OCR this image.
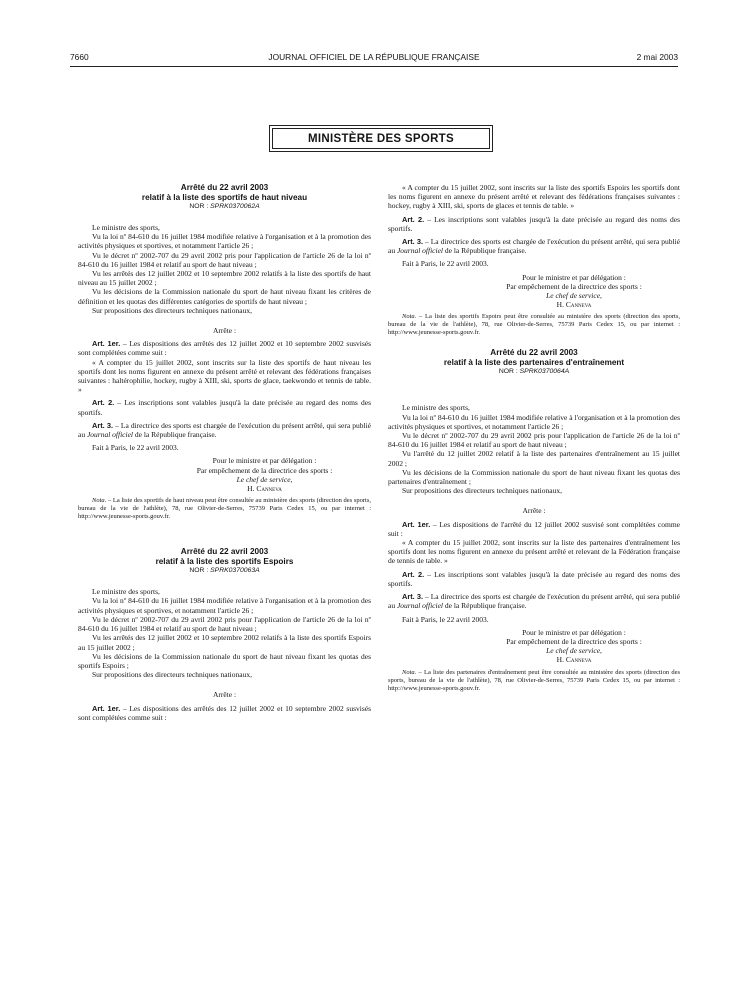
7660	JOURNAL OFFICIEL DE LA RÉPUBLIQUE FRANÇAISE	2 mai 2003
MINISTÈRE DES SPORTS

Arrêté du 22 avril 2003

relatif à la liste des sportifs de haut niveau

NOR : SPRK0370062A

Le ministre des sports,

Vu la loi nº 84-610 du 16 juillet 1984 modifiée relative à l'organisation et à la promotion des activités physiques et sportives, et notamment l'article 26 ;

Vu le décret nº 2002-707 du 29 avril 2002 pris pour l'application de l'article 26 de la loi nº 84-610 du 16 juillet 1984 et relatif au sport de haut niveau ;

Vu les arrêtés des 12 juillet 2002 et 10 septembre 2002 relatifs à la liste des sportifs de haut niveau au 15 juillet 2002 ;

Vu les décisions de la Commission nationale du sport de haut niveau fixant les critères de définition et les quotas des différentes catégories de sportifs de haut niveau ;

Sur propositions des directeurs techniques nationaux,

Arrête :

Art. 1er. – Les dispositions des arrêtés des 12 juillet 2002 et 10 septembre 2002 susvisés sont complétées comme suit :

« A compter du 15 juillet 2002, sont inscrits sur la liste des sportifs de haut niveau les sportifs dont les noms figurent en annexe du présent arrêté et relevant des fédérations françaises suivantes : haltérophilie, hockey, rugby à XIII, ski, sports de glace, taekwondo et tennis de table. »

Art. 2. – Les inscriptions sont valables jusqu'à la date précisée au regard des noms des sportifs.

Art. 3. – La directrice des sports est chargée de l'exécution du présent arrêté, qui sera publié au Journal officiel de la République française.

Fait à Paris, le 22 avril 2003.

Pour le ministre et par délégation :

Par empêchement de la directrice des sports :

Le chef de service,

H. Canneva

Nota. – La liste des sportifs de haut niveau peut être consultée au ministère des sports (direction des sports, bureau de la vie de l'athlète), 78, rue Olivier-de-Serres, 75739 Paris Cedex 15, ou par internet : http://www.jeunesse-sports.gouv.fr.

Arrêté du 22 avril 2003

relatif à la liste des sportifs Espoirs

NOR : SPRK0370063A

Le ministre des sports,

Vu la loi nº 84-610 du 16 juillet 1984 modifiée relative à l'organisation et à la promotion des activités physiques et sportives, et notamment l'article 26 ;

Vu le décret nº 2002-707 du 29 avril 2002 pris pour l'application de l'article 26 de la loi nº 84-610 du 16 juillet 1984 et relatif au sport de haut niveau ;

Vu les arrêtés des 12 juillet 2002 et 10 septembre 2002 relatifs à la liste des sportifs Espoirs au 15 juillet 2002 ;

Vu les décisions de la Commission nationale du sport de haut niveau fixant les quotas des sportifs Espoirs ;

Sur propositions des directeurs techniques nationaux,

Arrête :

Art. 1er. – Les dispositions des arrêtés des 12 juillet 2002 et 10 septembre 2002 susvisés sont complétées comme suit :

« A compter du 15 juillet 2002, sont inscrits sur la liste des sportifs Espoirs les sportifs dont les noms figurent en annexe du présent arrêté et relevant des fédérations françaises suivantes : hockey, rugby à XIII, ski, sports de glaces et tennis de table. »

Art. 2. – Les inscriptions sont valables jusqu'à la date précisée au regard des noms des sportifs.

Art. 3. – La directrice des sports est chargée de l'exécution du présent arrêté, qui sera publié au Journal officiel de la République française.

Fait à Paris, le 22 avril 2003.

Pour le ministre et par délégation :

Par empêchement de la directrice des sports :

Le chef de service,

H. Canneva

Nota. – La liste des sportifs Espoirs peut être consultée au ministère des sports (direction des sports, bureau de la vie de l'athlète), 78, rue Olivier-de-Serres, 75739 Paris Cedex 15, ou par internet : http://www.jeunesse-sports.gouv.fr.

Arrêté du 22 avril 2003

relatif à la liste des partenaires d'entraînement

NOR : SPRK0370064A

Le ministre des sports,

Vu la loi nº 84-610 du 16 juillet 1984 modifiée relative à l'organisation et à la promotion des activités physiques et sportives, et notamment l'article 26 ;

Vu le décret nº 2002-707 du 29 avril 2002 pris pour l'application de l'article 26 de la loi nº 84-610 du 16 juillet 1984 et relatif au sport de haut niveau ;

Vu l'arrêté du 12 juillet 2002 relatif à la liste des partenaires d'entraînement au 15 juillet 2002 ;

Vu les décisions de la Commission nationale du sport de haut niveau fixant les quotas des partenaires d'entraînement ;

Sur propositions des directeurs techniques nationaux,

Arrête :

Art. 1er. – Les dispositions de l'arrêté du 12 juillet 2002 susvisé sont complétées comme suit :

« A compter du 15 juillet 2002, sont inscrits sur la liste des partenaires d'entraînement les sportifs dont les noms figurent en annexe du présent arrêté et relevant de la Fédération française de tennis de table. »

Art. 2. – Les inscriptions sont valables jusqu'à la date précisée au regard des noms des sportifs.

Art. 3. – La directrice des sports est chargée de l'exécution du présent arrêté, qui sera publié au Journal officiel de la République française.

Fait à Paris, le 22 avril 2003.

Pour le ministre et par délégation :

Par empêchement de la directrice des sports :

Le chef de service,

H. Canneva

Nota. – La liste des partenaires d'entraînement peut être consultée au ministère des sports (direction des sports, bureau de la vie de l'athlète), 78, rue Olivier-de-Serres, 75739 Paris Cedex 15, ou par internet : http://www.jeunesse-sports.gouv.fr.
